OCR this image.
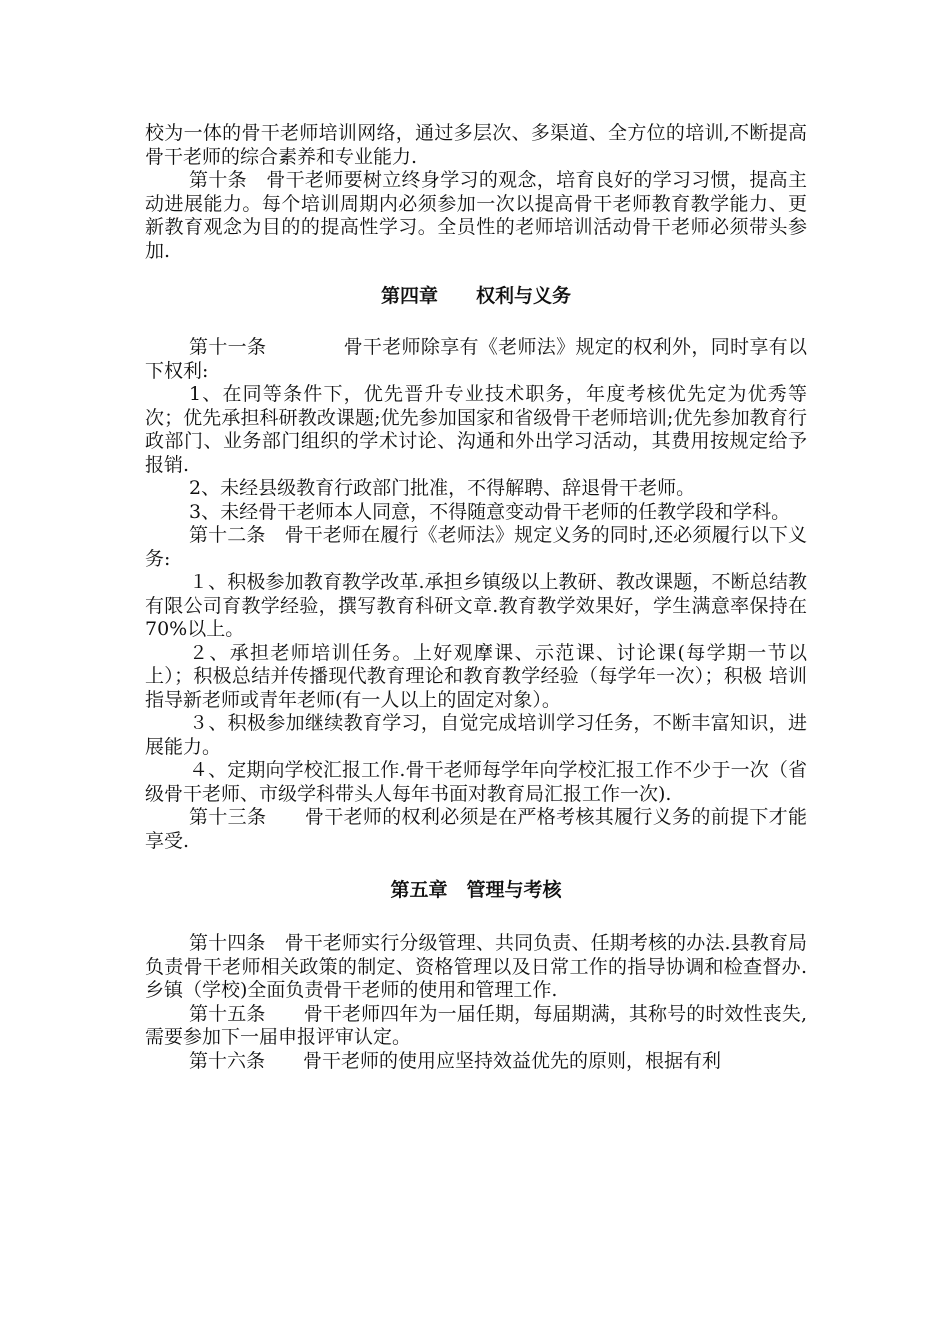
校为一体的骨干老师培训网络，通过多层次、多渠道、全方位的培训,不断提高骨干老师的综合素养和专业能力.

第十条　骨干老师要树立终身学习的观念，培育良好的学习习惯，提高主动进展能力。每个培训周期内必须参加一次以提高骨干老师教育教学能力、更新教育观念为目的的提高性学习。全员性的老师培训活动骨干老师必须带头参加.

第四章　　权利与义务

第十一条　　　　骨干老师除享有《老师法》规定的权利外，同时享有以下权利:

1、在同等条件下，优先晋升专业技术职务，年度考核优先定为优秀等次；优先承担科研教改课题;优先参加国家和省级骨干老师培训;优先参加教育行政部门、业务部门组织的学术讨论、沟通和外出学习活动，其费用按规定给予报销.

2、未经县级教育行政部门批准，不得解聘、辞退骨干老师。

3、未经骨干老师本人同意，不得随意变动骨干老师的任教学段和学科。

第十二条　骨干老师在履行《老师法》规定义务的同时,还必须履行以下义务:

１、积极参加教育教学改革.承担乡镇级以上教研、教改课题，不断总结教有限公司育教学经验，撰写教育科研文章.教育教学效果好，学生满意率保持在70%以上。

２、承担老师培训任务。上好观摩课、示范课、讨论课(每学期一节以上）；积极总结并传播现代教育理论和教育教学经验（每学年一次）；积极 培训指导新老师或青年老师(有一人以上的固定对象）。

３、积极参加继续教育学习，自觉完成培训学习任务，不断丰富知识，进展能力。

４、定期向学校汇报工作.骨干老师每学年向学校汇报工作不少于一次（省级骨干老师、市级学科带头人每年书面对教育局汇报工作一次).

第十三条　　骨干老师的权利必须是在严格考核其履行义务的前提下才能享受.

第五章　管理与考核

第十四条　骨干老师实行分级管理、共同负责、任期考核的办法.县教育局负责骨干老师相关政策的制定、资格管理以及日常工作的指导协调和检查督办.乡镇（学校)全面负责骨干老师的使用和管理工作.

第十五条　　骨干老师四年为一届任期，每届期满，其称号的时效性丧失,需要参加下一届申报评审认定。

第十六条　　骨干老师的使用应坚持效益优先的原则，根据有利
